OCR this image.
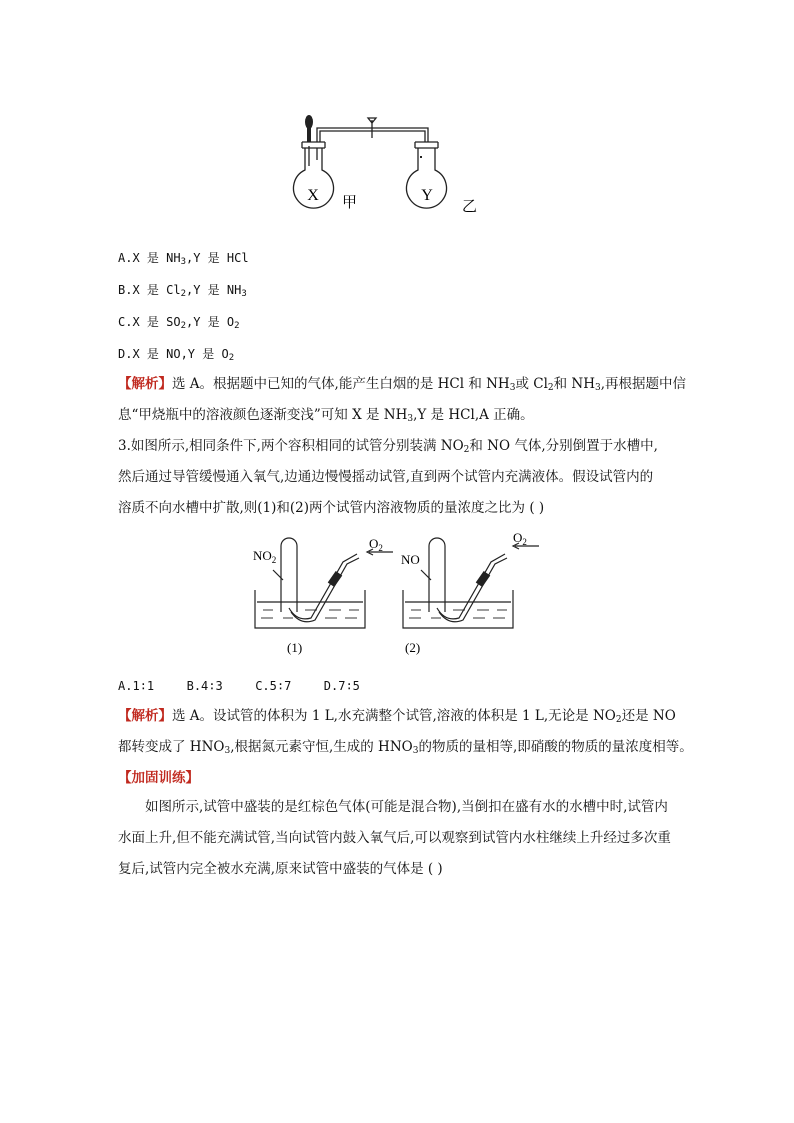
X	Y
甲	乙
A.X 是 $NH_3,Y$ 是 HCl
B.X 是 $Cl_2,Y$ 是 $NH_3$
C.X 是 $SO_2,Y$ 是 $O_2$
D.X 是 NO,Y 是 $O_2$
【解析】选 A。根据题中已知的气体,能产生白烟的是 HCl 和 $NH_3$或 $Cl_2$和 $NH_3$,再根据题中信
息“甲烧瓶中的溶液颜色逐渐变浅”可知 X 是 $NH_3,Y$ 是 HCl,A 正确。
3.如图所示,相同条件下,两个容积相同的试管分别装满 $NO_2$和 NO 气体,分别倒置于水槽中,
然后通过导管缓慢通入氧气,边通边慢慢摇动试管,直到两个试管内充满液体。假设试管内的
溶质不向水槽中扩散,则(1)和(2)两个试管内溶液物质的量浓度之比为 ( )
$NO_2$	NO
$O_2$
$O_2$
(1)	(2)
A.1∶1	B.4∶3	C.5∶7	D.7∶5
【解析】选 A。设试管的体积为 1 L,水充满整个试管,溶液的体积是 1 L,无论是 $NO_2$还是 NO
都转变成了 $HNO_3$,根据氮元素守恒,生成的 $HNO_3$的物质的量相等,即硝酸的物质的量浓度相等。
【加固训练】
如图所示,试管中盛装的是红棕色气体(可能是混合物),当倒扣在盛有水的水槽中时,试管内水面上升,但不能充满试管,当向试管内鼓入氧气后,可以观察到试管内水柱继续上升经过多次重复后,试管内完全被水充满,原来试管中盛装的气体是 ( )
